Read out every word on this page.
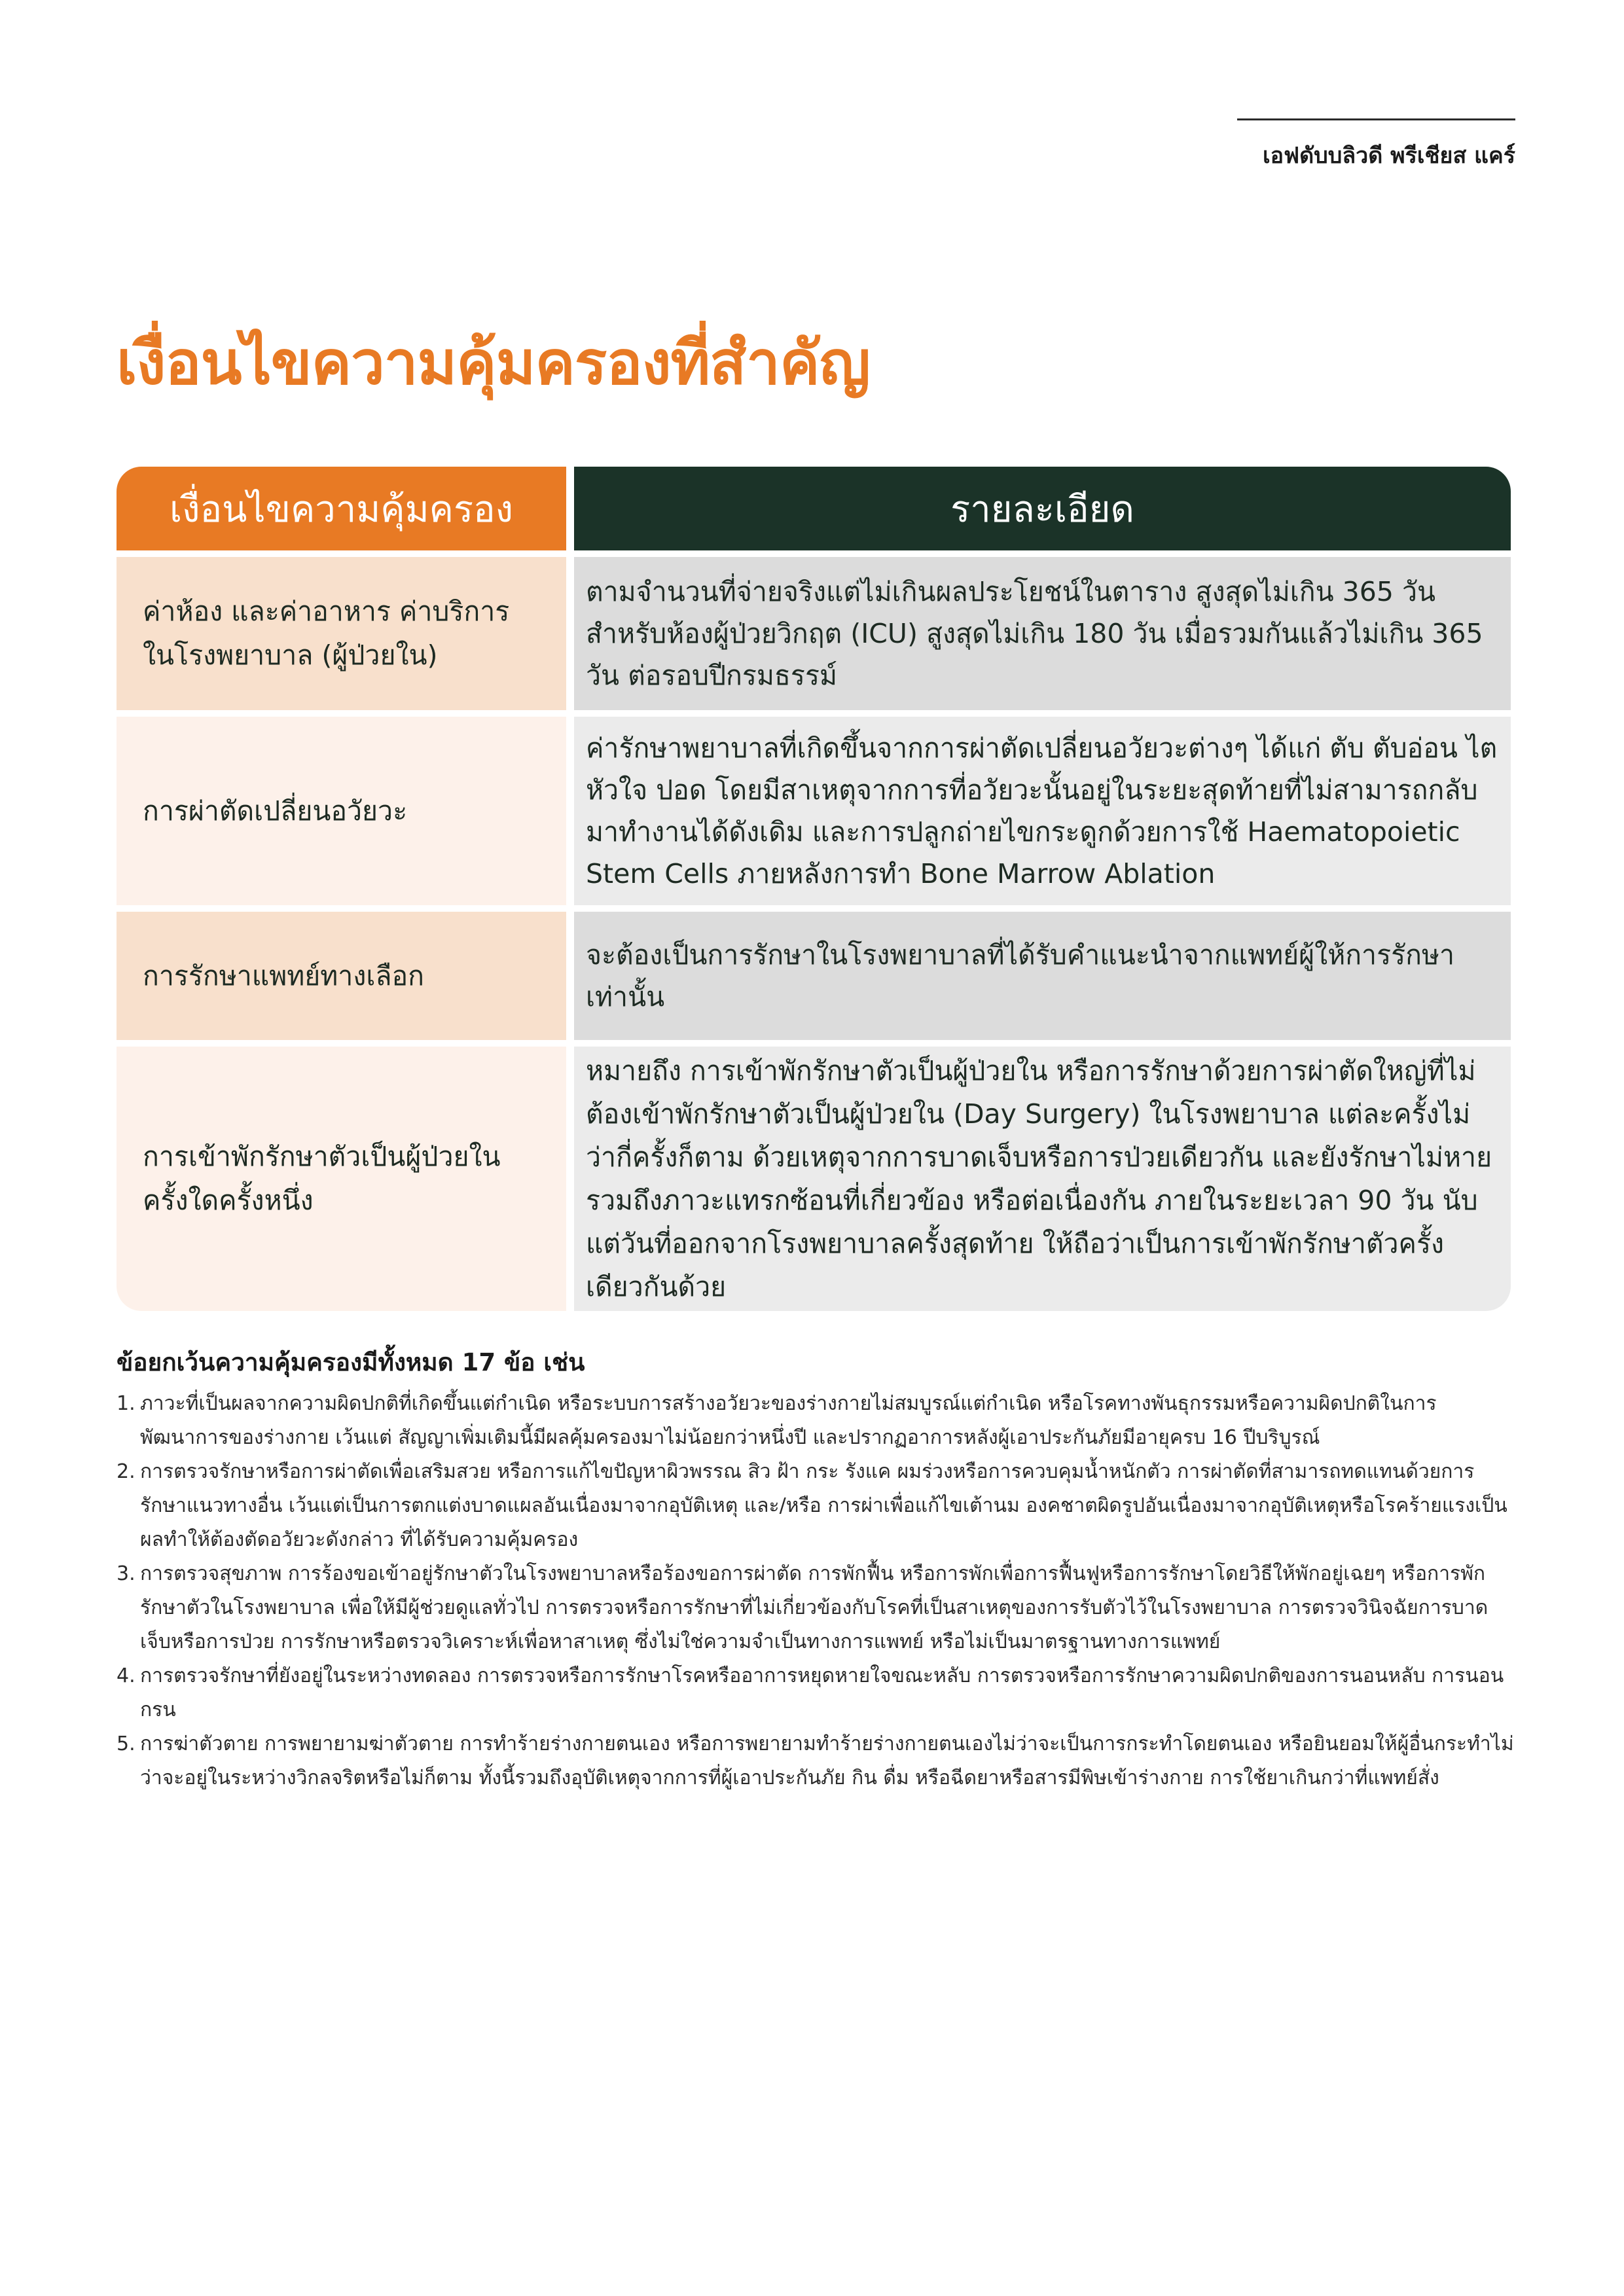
เอฟดับบลิวดี พรีเชียส แคร์
เงื่อนไขความคุ้มครองที่สำคัญ
เงื่อนไขความคุ้มครอง	รายละเอียด
ค่าห้อง และค่าอาหาร ค่าบริการในโรงพยาบาล (ผู้ป่วยใน)
ตามจำนวนที่จ่ายจริงแต่ไม่เกินผลประโยชน์ในตาราง สูงสุดไม่เกิน 365 วัน สำหรับห้องผู้ป่วยวิกฤต (ICU) สูงสุดไม่เกิน 180 วัน เมื่อรวมกันแล้วไม่เกิน 365 วัน ต่อรอบปีกรมธรรม์
การผ่าตัดเปลี่ยนอวัยวะ
ค่ารักษาพยาบาลที่เกิดขึ้นจากการผ่าตัดเปลี่ยนอวัยวะต่างๆ ได้แก่ ตับ ตับอ่อน ไต หัวใจ ปอด โดยมีสาเหตุจากการที่อวัยวะนั้นอยู่ในระยะสุดท้ายที่ไม่สามารถกลับมาทำงานได้ดังเดิม และการปลูกถ่ายไขกระดูกด้วยการใช้ Haematopoietic Stem Cells ภายหลังการทำ Bone Marrow Ablation
การรักษาแพทย์ทางเลือก
จะต้องเป็นการรักษาในโรงพยาบาลที่ได้รับคำแนะนำจากแพทย์ผู้ให้การรักษาเท่านั้น
การเข้าพักรักษาตัวเป็นผู้ป่วยใน ครั้งใดครั้งหนึ่ง
หมายถึง การเข้าพักรักษาตัวเป็นผู้ป่วยใน หรือการรักษาด้วยการผ่าตัดใหญ่ที่ไม่ต้องเข้าพักรักษาตัวเป็นผู้ป่วยใน (Day Surgery) ในโรงพยาบาล แต่ละครั้งไม่ว่ากี่ครั้งก็ตาม ด้วยเหตุจากการบาดเจ็บหรือการป่วยเดียวกัน และยังรักษาไม่หายรวมถึงภาวะแทรกซ้อนที่เกี่ยวข้อง หรือต่อเนื่องกัน ภายในระยะเวลา 90 วัน นับแต่วันที่ออกจากโรงพยาบาลครั้งสุดท้าย ให้ถือว่าเป็นการเข้าพักรักษาตัวครั้งเดียวกันด้วย
ข้อยกเว้นความคุ้มครองมีทั้งหมด 17 ข้อ เช่น
1. ภาวะที่เป็นผลจากความผิดปกติที่เกิดขึ้นแต่กำเนิด หรือระบบการสร้างอวัยวะของร่างกายไม่สมบูรณ์แต่กำเนิด หรือโรคทางพันธุกรรมหรือความผิดปกติในการพัฒนาการของร่างกาย เว้นแต่ สัญญาเพิ่มเติมนี้มีผลคุ้มครองมาไม่น้อยกว่าหนึ่งปี และปรากฏอาการหลังผู้เอาประกันภัยมีอายุครบ 16 ปีบริบูรณ์
2. การตรวจรักษาหรือการผ่าตัดเพื่อเสริมสวย หรือการแก้ไขปัญหาผิวพรรณ สิว ฝ้า กระ รังแค ผมร่วงหรือการควบคุมน้ำหนักตัว การผ่าตัดที่สามารถทดแทนด้วยการรักษาแนวทางอื่น เว้นแต่เป็นการตกแต่งบาดแผลอันเนื่องมาจากอุบัติเหตุ และ/หรือ การผ่าเพื่อแก้ไขเต้านม องคชาตผิดรูปอันเนื่องมาจากอุบัติเหตุหรือโรคร้ายแรงเป็นผลทำให้ต้องตัดอวัยวะดังกล่าว ที่ได้รับความคุ้มครอง
3. การตรวจสุขภาพ การร้องขอเข้าอยู่รักษาตัวในโรงพยาบาลหรือร้องขอการผ่าตัด การพักฟื้น หรือการพักเพื่อการฟื้นฟูหรือการรักษาโดยวิธีให้พักอยู่เฉยๆ หรือการพักรักษาตัวในโรงพยาบาล เพื่อให้มีผู้ช่วยดูแลทั่วไป การตรวจหรือการรักษาที่ไม่เกี่ยวข้องกับโรคที่เป็นสาเหตุของการรับตัวไว้ในโรงพยาบาล การตรวจวินิจฉัยการบาดเจ็บหรือการป่วย การรักษาหรือตรวจวิเคราะห์เพื่อหาสาเหตุ ซึ่งไม่ใช่ความจำเป็นทางการแพทย์ หรือไม่เป็นมาตรฐานทางการแพทย์
4. การตรวจรักษาที่ยังอยู่ในระหว่างทดลอง การตรวจหรือการรักษาโรคหรืออาการหยุดหายใจขณะหลับ การตรวจหรือการรักษาความผิดปกติของการนอนหลับ การนอนกรน
5. การฆ่าตัวตาย การพยายามฆ่าตัวตาย การทำร้ายร่างกายตนเอง หรือการพยายามทำร้ายร่างกายตนเองไม่ว่าจะเป็นการกระทำโดยตนเอง หรือยินยอมให้ผู้อื่นกระทำไม่ว่าจะอยู่ในระหว่างวิกลจริตหรือไม่ก็ตาม ทั้งนี้รวมถึงอุบัติเหตุจากการที่ผู้เอาประกันภัย กิน ดื่ม หรือฉีดยาหรือสารมีพิษเข้าร่างกาย การใช้ยาเกินกว่าที่แพทย์สั่ง
